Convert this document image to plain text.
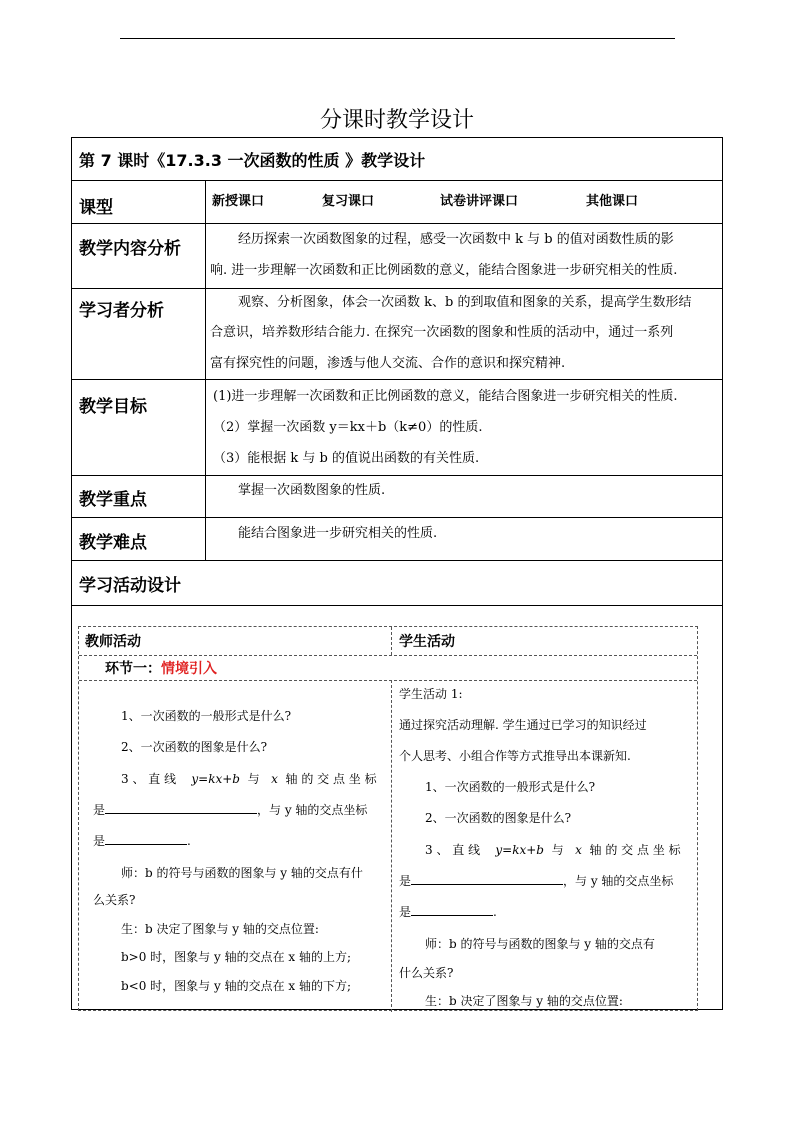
分课时教学设计
第 7 课时《17.3.3 一次函数的性质 》教学设计
课型	新授课口	复习课口	试卷讲评课口	其他课口
教学内容分析	经历探索一次函数图象的过程，感受一次函数中 k 与 b 的值对函数性质的影
响. 进一步理解一次函数和正比例函数的意义，能结合图象进一步研究相关的性质.
学习者分析	观察、分析图象，体会一次函数 k、b 的到取值和图象的关系，提高学生数形结
合意识，培养数形结合能力. 在探究一次函数的图象和性质的活动中，通过一系列
富有探究性的问题，渗透与他人交流、合作的意识和探究精神.
教学目标
(1)进一步理解一次函数和正比例函数的意义，能结合图象进一步研究相关的性质.
（2）掌握一次函数 y＝kx＋b（k≠0）的性质.
（3）能根据 k 与 b 的值说出函数的有关性质.
教学重点	掌握一次函数图象的性质.
教学难点	能结合图象进一步研究相关的性质.
学习活动设计
教师活动	学生活动
环节一：情境引入
1、一次函数的一般形式是什么?
2、一次函数的图象是什么?
3 、 直 线 y=kx+b 与 x 轴 的 交 点 坐 标
是	，与 y 轴的交点坐标
是	.
师：b 的符号与函数的图象与 y 轴的交点有什
么关系?
生：b 决定了图象与 y 轴的交点位置:
b>0 时，图象与 y 轴的交点在 x 轴的上方;
b<0 时，图象与 y 轴的交点在 x 轴的下方;
学生活动 1:
通过探究活动理解. 学生通过已学习的知识经过
个人思考、小组合作等方式推导出本课新知.
1、一次函数的一般形式是什么?
2、一次函数的图象是什么?
3 、 直 线 y=kx+b 与 x 轴 的 交 点 坐 标
是	，与 y 轴的交点坐标
是	.
师：b 的符号与函数的图象与 y 轴的交点有
什么关系?
生：b 决定了图象与 y 轴的交点位置:
